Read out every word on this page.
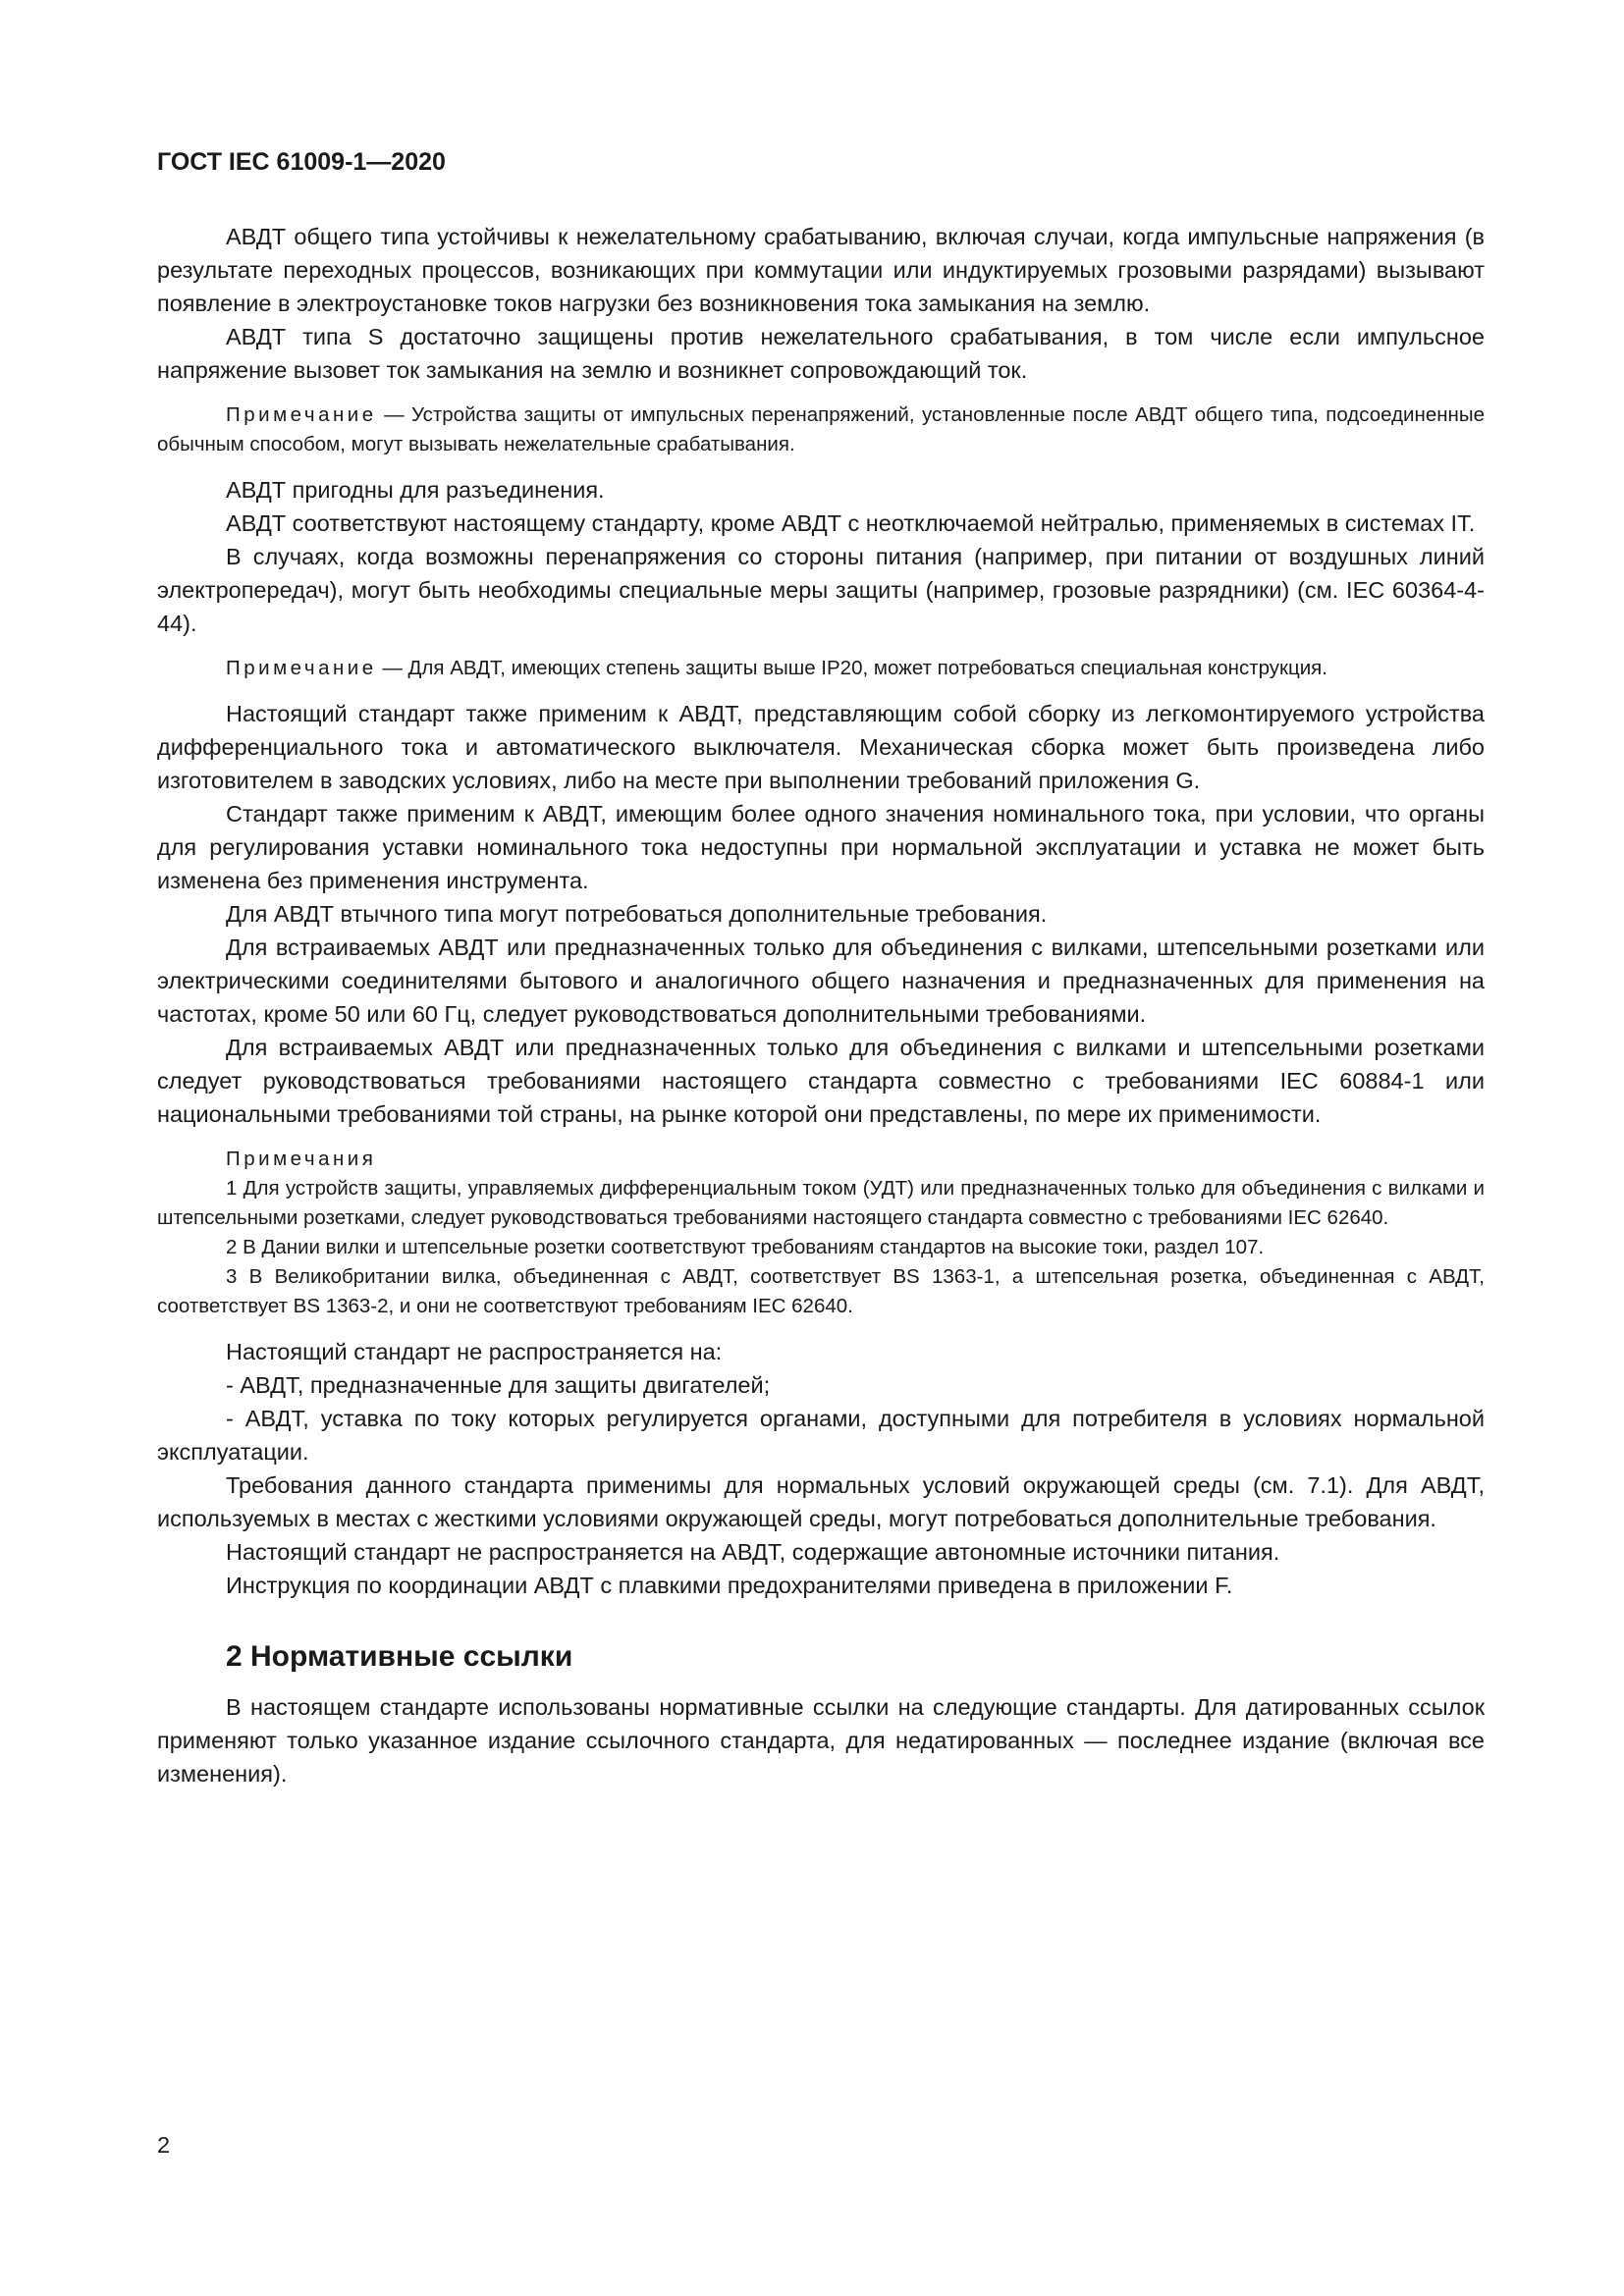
ГОСТ IEC 61009-1—2020

АВДТ общего типа устойчивы к нежелательному срабатыванию, включая случаи, когда импульсные напряжения (в результате переходных процессов, возникающих при коммутации или индуктируемых грозовыми разрядами) вызывают появление в электроустановке токов нагрузки без возникновения тока замыкания на землю.

АВДТ типа S достаточно защищены против нежелательного срабатывания, в том числе если импульсное напряжение вызовет ток замыкания на землю и возникнет сопровождающий ток.

Примечание — Устройства защиты от импульсных перенапряжений, установленные после АВДТ общего типа, подсоединенные обычным способом, могут вызывать нежелательные срабатывания.

АВДТ пригодны для разъединения.

АВДТ соответствуют настоящему стандарту, кроме АВДТ с неотключаемой нейтралью, применяемых в системах IT.

В случаях, когда возможны перенапряжения со стороны питания (например, при питании от воздушных линий электропередач), могут быть необходимы специальные меры защиты (например, грозовые разрядники) (см. IEC 60364-4-44).

Примечание — Для АВДТ, имеющих степень защиты выше IP20, может потребоваться специальная конструкция.

Настоящий стандарт также применим к АВДТ, представляющим собой сборку из легкомонтируемого устройства дифференциального тока и автоматического выключателя. Механическая сборка может быть произведена либо изготовителем в заводских условиях, либо на месте при выполнении требований приложения G.

Стандарт также применим к АВДТ, имеющим более одного значения номинального тока, при условии, что органы для регулирования уставки номинального тока недоступны при нормальной эксплуатации и уставка не может быть изменена без применения инструмента.

Для АВДТ втычного типа могут потребоваться дополнительные требования.

Для встраиваемых АВДТ или предназначенных только для объединения с вилками, штепсельными розетками или электрическими соединителями бытового и аналогичного общего назначения и предназначенных для применения на частотах, кроме 50 или 60 Гц, следует руководствоваться дополнительными требованиями.

Для встраиваемых АВДТ или предназначенных только для объединения с вилками и штепсельными розетками следует руководствоваться требованиями настоящего стандарта совместно с требованиями IEC 60884-1 или национальными требованиями той страны, на рынке которой они представлены, по мере их применимости.

Примечания

1 Для устройств защиты, управляемых дифференциальным током (УДТ) или предназначенных только для объединения с вилками и штепсельными розетками, следует руководствоваться требованиями настоящего стандарта совместно с требованиями IEC 62640.

2 В Дании вилки и штепсельные розетки соответствуют требованиям стандартов на высокие токи, раздел 107.

3 В Великобритании вилка, объединенная с АВДТ, соответствует BS 1363-1, а штепсельная розетка, объединенная с АВДТ, соответствует BS 1363-2, и они не соответствуют требованиям IEC 62640.

Настоящий стандарт не распространяется на:

- АВДТ, предназначенные для защиты двигателей;

- АВДТ, уставка по току которых регулируется органами, доступными для потребителя в условиях нормальной эксплуатации.

Требования данного стандарта применимы для нормальных условий окружающей среды (см. 7.1). Для АВДТ, используемых в местах с жесткими условиями окружающей среды, могут потребоваться дополнительные требования.

Настоящий стандарт не распространяется на АВДТ, содержащие автономные источники питания.

Инструкция по координации АВДТ с плавкими предохранителями приведена в приложении F.

2 Нормативные ссылки

В настоящем стандарте использованы нормативные ссылки на следующие стандарты. Для датированных ссылок применяют только указанное издание ссылочного стандарта, для недатированных — последнее издание (включая все изменения).

2
